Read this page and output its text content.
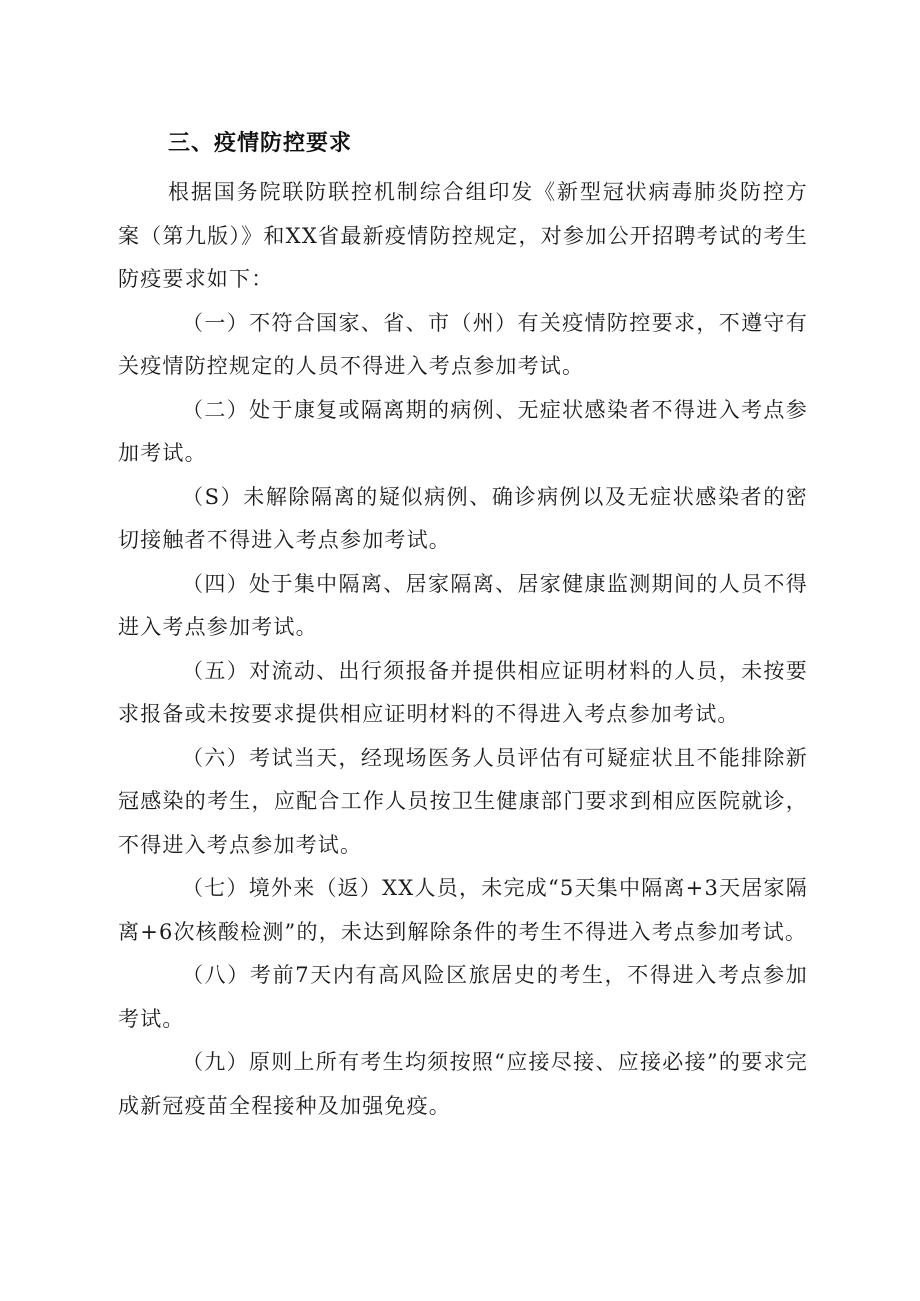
三、疫情防控要求

根据国务院联防联控机制综合组印发《新型冠状病毒肺炎防控方案（第九版）》和XX省最新疫情防控规定，对参加公开招聘考试的考生防疫要求如下：

（一）不符合国家、省、市（州）有关疫情防控要求，不遵守有关疫情防控规定的人员不得进入考点参加考试。

（二）处于康复或隔离期的病例、无症状感染者不得进入考点参加考试。

（S）未解除隔离的疑似病例、确诊病例以及无症状感染者的密切接触者不得进入考点参加考试。

（四）处于集中隔离、居家隔离、居家健康监测期间的人员不得进入考点参加考试。

（五）对流动、出行须报备并提供相应证明材料的人员，未按要求报备或未按要求提供相应证明材料的不得进入考点参加考试。

（六）考试当天，经现场医务人员评估有可疑症状且不能排除新冠感染的考生，应配合工作人员按卫生健康部门要求到相应医院就诊，不得进入考点参加考试。

（七）境外来（返）XX人员，未完成“5天集中隔离+3天居家隔离+6次核酸检测”的，未达到解除条件的考生不得进入考点参加考试。

（八）考前7天内有高风险区旅居史的考生，不得进入考点参加考试。

（九）原则上所有考生均须按照“应接尽接、应接必接”的要求完成新冠疫苗全程接种及加强免疫。
